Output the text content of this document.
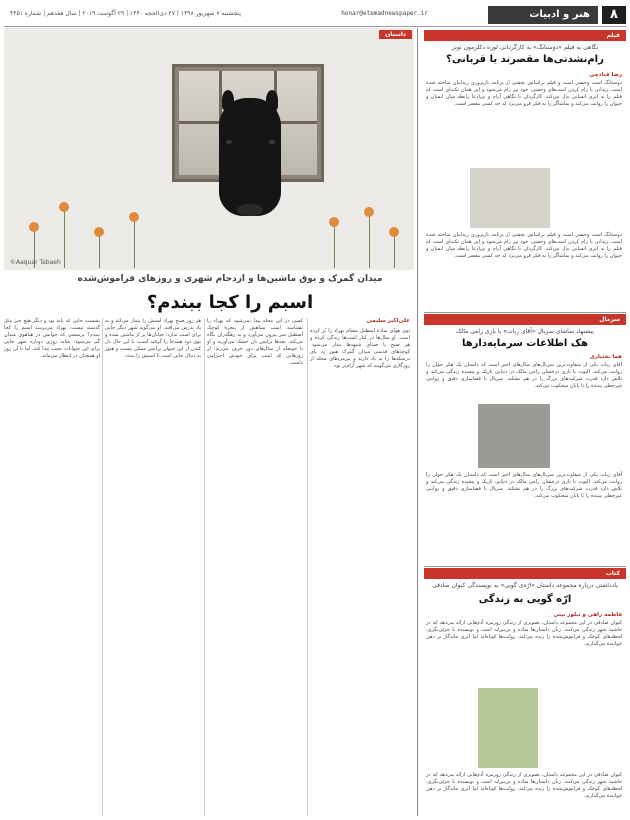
۸
هنر و ادبیات
honar@etemadnewspaper.ir
پنجشنبه ۷ شهریور ۱۳۹۸ | ۲۷ ذی‌الحجه ۱۴۴۰ | ۲۹ آگوست ۲۰۱۹ | سال هفدهم | شماره ۴۴۵۱
داستان
©Aaquar Tabaeh
میدان گمرک و بوق ماشین‌ها و ازدحام شهری و روزهای فراموش‌شده
اسبم را کجا ببندم؟
علی‌اکبر سلیمی
نوی هوای ساده اسطبل مشام بهزاد را پُر کرده است. او سال‌ها در کنار اسب‌ها زندگی کرده و هر صبح با صدای شیهه‌ها بیدار می‌شود. کوچه‌های قدیمی میدان گمرک هنوز رد پای درشکه‌ها را به یاد دارند و پیرمردهای محله از روزگاری می‌گویند که شهر آرام‌تر بود.
کسی در این محله پیدا نمی‌شود که بهزاد را نشناسد. اسب سیاهش از پنجره کوچک اصطبل سر بیرون می‌آورد و به رهگذران نگاه می‌کند. بچه‌ها برایش نان خشک می‌آورند و او با حوصله از سال‌های دور حرف می‌زند؛ از روزهایی که اسب برای خودش احترامی داشت.
هر روز صبح بهزاد اسبش را تیمار می‌کند و به یاد پدرش می‌افتد. او می‌گوید شهر دیگر جایی برای اسب ندارد؛ خیابان‌ها پر از ماشین شده و بوی دود همه‌جا را گرفته است. با این حال دل کندن از این حیوان برایش ممکن نیست و هنوز به دنبال جایی است تا اسبش را ببندد.
نشست جایی که باید بود و دیگر هیچ چیز مثل گذشته نیست. بهزاد می‌پرسد اسبم را کجا ببندم؟ پرسشی که جوابش در هیاهوی میدان گم می‌شود. شاید روزی دوباره شهر جایی برای این حیوانات نجیب پیدا کند، اما تا آن روز او همچنان در انتظار می‌ماند.
فیلم
نگاهی به فیلم «دوستانگ» به کارگردانی لوره دکلرمون تونر
رام‌نشدنی‌ها مقصرند یا قربانی؟
رضا قنادچی
دوستانگ اسب وحشی است و فیلم براساس بخشی از برنامه بازپروری زندانیان ساخته شده است. زندانی با رام کردن اسب‌های وحشی، خود نیز رام می‌شود و این همان نکته‌ای است که فیلم را به اثری انسانی بدل می‌کند. کارگردان با نگاهی آرام و بی‌ادعا رابطه میان انسان و حیوان را روایت می‌کند و تماشاگر را به فکر فرو می‌برد که چه کسی مقصر است.
دوستانگ اسب وحشی است و فیلم براساس بخشی از برنامه بازپروری زندانیان ساخته شده است. زندانی با رام کردن اسب‌های وحشی، خود نیز رام می‌شود و این همان نکته‌ای است که فیلم را به اثری انسانی بدل می‌کند. کارگردان با نگاهی آرام و بی‌ادعا رابطه میان انسان و حیوان را روایت می‌کند و تماشاگر را به فکر فرو می‌برد که چه کسی مقصر است.
سرمال
پیشنهاد تماشای سریال «آقای ربات» با بازی رامی مالک
هک اطلاعات سرمایه‌دارها
هما بختیاری
آقای ربات یکی از متفاوت‌ترین سریال‌های سال‌های اخیر است که داستان یک هکر جوان را روایت می‌کند. الیوت با بازی درخشان رامی مالک در دنیایی تاریک و پیچیده زندگی می‌کند و تلاش دارد قدرت شرکت‌های بزرگ را در هم بشکند. سریال با فضاسازی دقیق و روایتی غیرخطی بیننده را تا پایان میخکوب می‌کند.
آقای ربات یکی از متفاوت‌ترین سریال‌های سال‌های اخیر است که داستان یک هکر جوان را روایت می‌کند. الیوت با بازی درخشان رامی مالک در دنیایی تاریک و پیچیده زندگی می‌کند و تلاش دارد قدرت شرکت‌های بزرگ را در هم بشکند. سریال با فضاسازی دقیق و روایتی غیرخطی بیننده را تا پایان میخکوب می‌کند.
کتاب
یادداشتی درباره مجموعه داستان «ارّه‌ی گویی» به نویسندگی کیوان صادقی
ارّه گویی به زندگی
فاطمه راهی و تبلور بیتی
کیوان صادقی در این مجموعه داستان، تصویری از زندگی روزمره آدم‌هایی ارائه می‌دهد که در حاشیه شهر زندگی می‌کنند. زبان داستان‌ها ساده و بی‌پیرایه است و نویسنده با جزئی‌نگری، لحظه‌های کوچک و فراموش‌شده را زنده می‌کند. روایت‌ها کوتاه‌اند اما اثری ماندگار بر ذهن خواننده می‌گذارند.
کیوان صادقی در این مجموعه داستان، تصویری از زندگی روزمره آدم‌هایی ارائه می‌دهد که در حاشیه شهر زندگی می‌کنند. زبان داستان‌ها ساده و بی‌پیرایه است و نویسنده با جزئی‌نگری، لحظه‌های کوچک و فراموش‌شده را زنده می‌کند. روایت‌ها کوتاه‌اند اما اثری ماندگار بر ذهن خواننده می‌گذارند.
